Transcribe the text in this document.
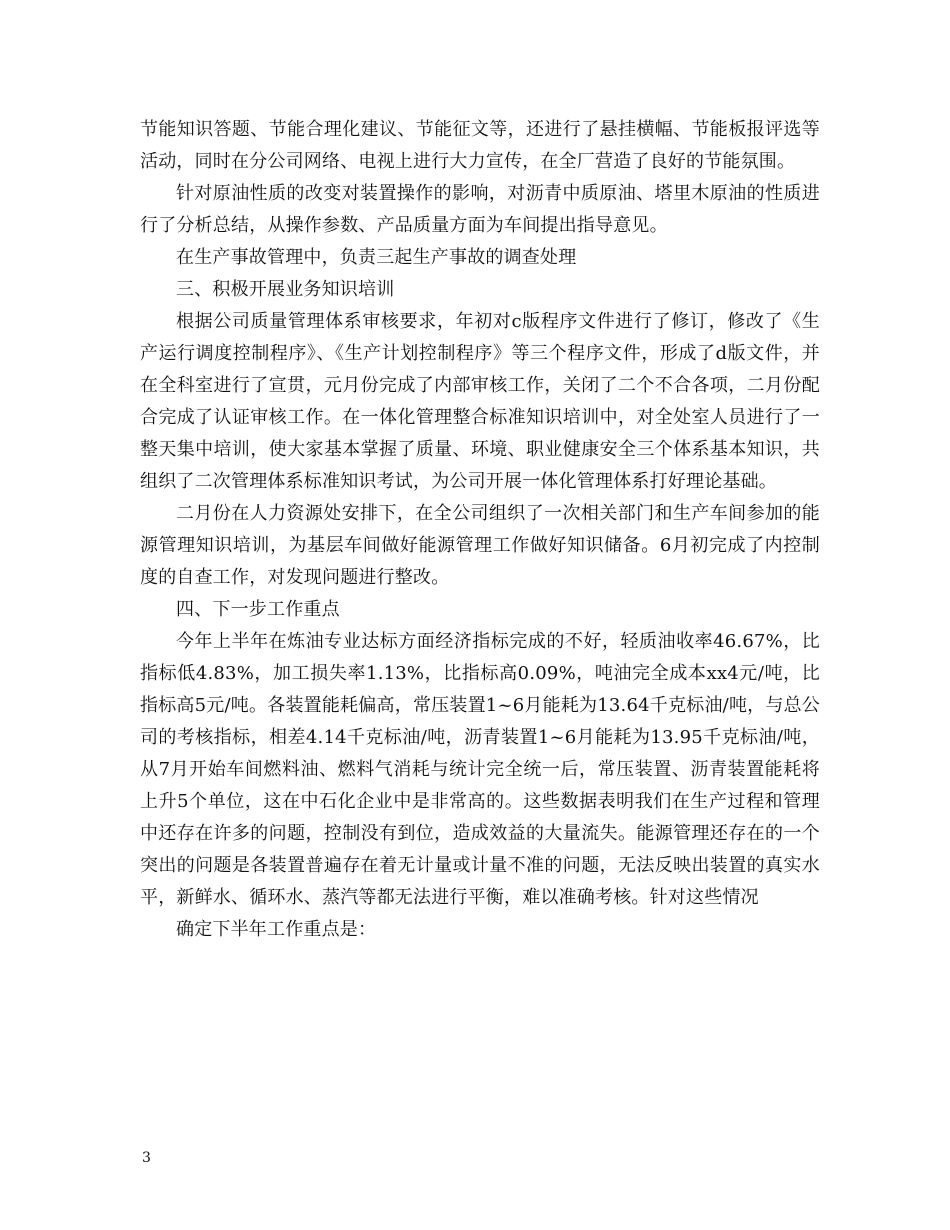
节能知识答题、节能合理化建议、节能征文等，还进行了悬挂横幅、节能板报评选等活动，同时在分公司网络、电视上进行大力宣传，在全厂营造了良好的节能氛围。

针对原油性质的改变对装置操作的影响，对沥青中质原油、塔里木原油的性质进行了分析总结，从操作参数、产品质量方面为车间提出指导意见。

在生产事故管理中，负责三起生产事故的调查处理

三、积极开展业务知识培训

根据公司质量管理体系审核要求，年初对c版程序文件进行了修订，修改了《生产运行调度控制程序》、《生产计划控制程序》等三个程序文件，形成了d版文件，并在全科室进行了宣贯，元月份完成了内部审核工作，关闭了二个不合各项，二月份配合完成了认证审核工作。在一体化管理整合标准知识培训中，对全处室人员进行了一整天集中培训，使大家基本掌握了质量、环境、职业健康安全三个体系基本知识，共组织了二次管理体系标准知识考试，为公司开展一体化管理体系打好理论基础。

二月份在人力资源处安排下，在全公司组织了一次相关部门和生产车间参加的能源管理知识培训，为基层车间做好能源管理工作做好知识储备。6月初完成了内控制度的自查工作，对发现问题进行整改。

四、下一步工作重点

今年上半年在炼油专业达标方面经济指标完成的不好，轻质油收率46.67%，比指标低4.83%，加工损失率1.13%，比指标高0.09%，吨油完全成本xx4元/吨，比指标高5元/吨。各装置能耗偏高，常压装置1~6月能耗为13.64千克标油/吨，与总公司的考核指标，相差4.14千克标油/吨，沥青装置1~6月能耗为13.95千克标油/吨，从7月开始车间燃料油、燃料气消耗与统计完全统一后，常压装置、沥青装置能耗将上升5个单位，这在中石化企业中是非常高的。这些数据表明我们在生产过程和管理中还存在许多的问题，控制没有到位，造成效益的大量流失。能源管理还存在的一个突出的问题是各装置普遍存在着无计量或计量不准的问题，无法反映出装置的真实水平，新鲜水、循环水、蒸汽等都无法进行平衡，难以准确考核。针对这些情况

确定下半年工作重点是：

3
